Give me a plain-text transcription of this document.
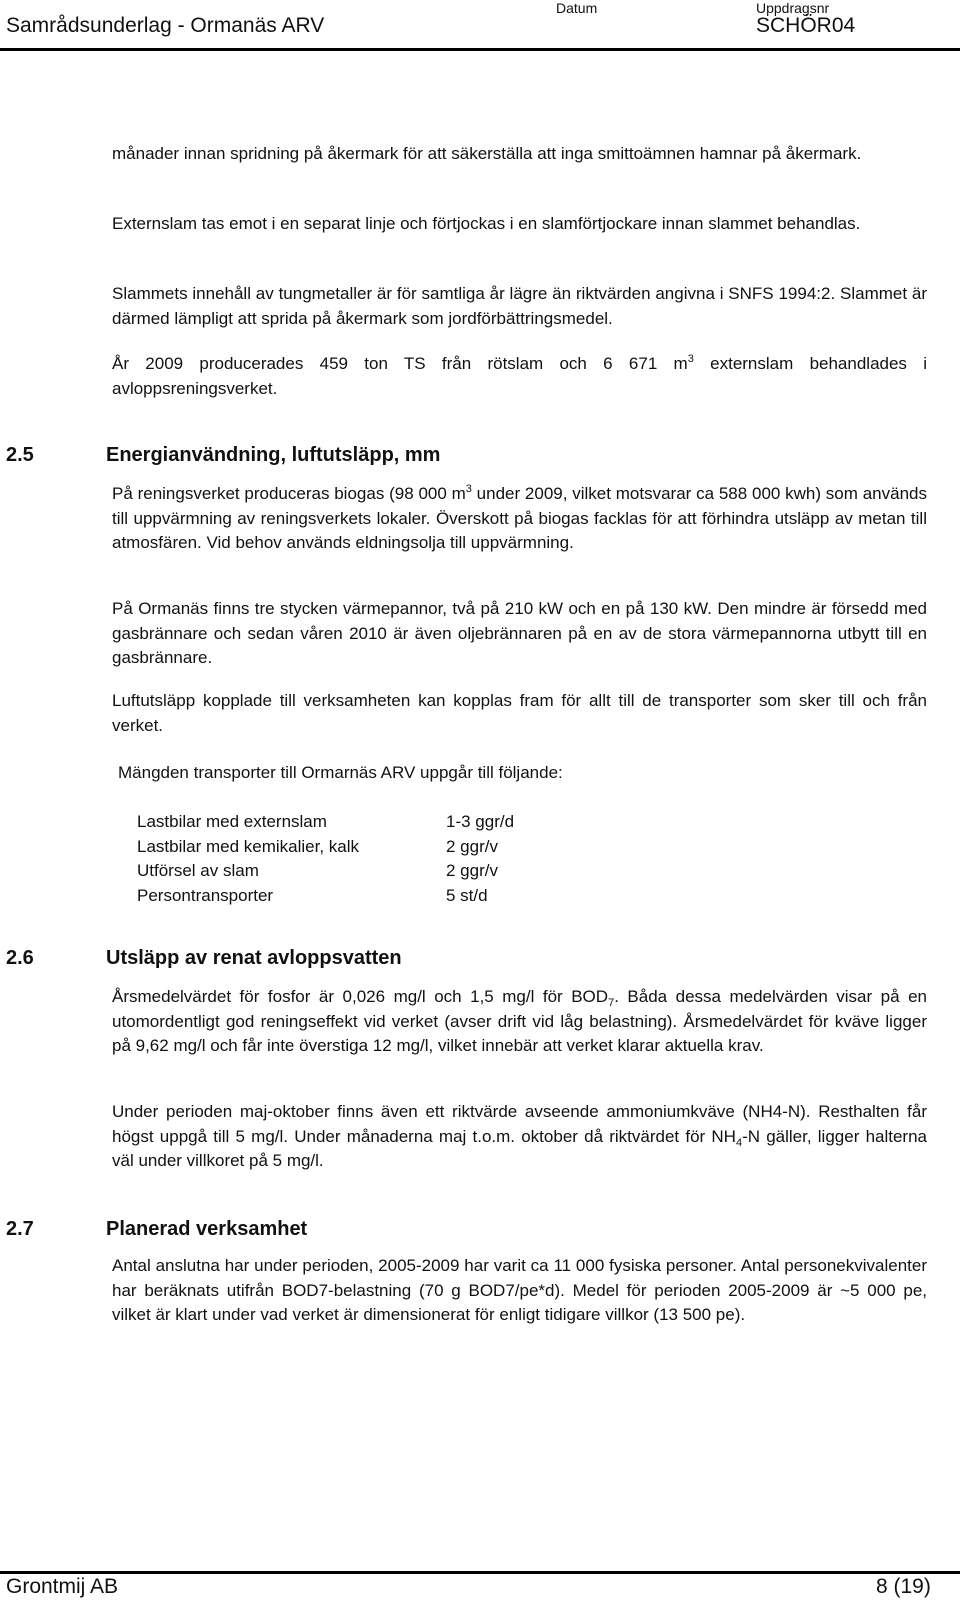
Samrådsunderlag - Ormanäs ARV
Datum	Uppdragsnr
SCHÖR04

månader innan spridning på åkermark för att säkerställa att inga smittoämnen hamnar på åkermark.

Externslam tas emot i en separat linje och förtjockas i en slamförtjockare innan slammet behandlas.

Slammets innehåll av tungmetaller är för samtliga år lägre än riktvärden angivna i SNFS 1994:2. Slammet är därmed lämpligt att sprida på åkermark som jordförbättringsmedel.

År 2009 producerades 459 ton TS från rötslam och 6 671 $m^3$ externslam behandlades i avloppsreningsverket.

2.5	Energianvändning, luftutsläpp, mm

På reningsverket produceras biogas (98 000 $m^3$ under 2009, vilket motsvarar ca 588 000 kwh) som används till uppvärmning av reningsverkets lokaler. Överskott på biogas facklas för att förhindra utsläpp av metan till atmosfären. Vid behov används eldningsolja till uppvärmning.

På Ormanäs finns tre stycken värmepannor, två på 210 kW och en på 130 kW. Den mindre är försedd med gasbrännare och sedan våren 2010 är även oljebrännaren på en av de stora värmepannorna utbytt till en gasbrännare.

Luftutsläpp kopplade till verksamheten kan kopplas fram för allt till de transporter som sker till och från verket.

Mängden transporter till Ormarnäs ARV uppgår till följande:

Lastbilar med externslam	1-3 ggr/d
Lastbilar med kemikalier, kalk	2 ggr/v
Utförsel av slam	2 ggr/v
Persontransporter	5 st/d
2.6	Utsläpp av renat avloppsvatten

Årsmedelvärdet för fosfor är 0,026 mg/l och 1,5 mg/l för $BOD_7$. Båda dessa medelvärden visar på en utomordentligt god reningseffekt vid verket (avser drift vid låg belastning). Årsmedelvärdet för kväve ligger på 9,62 mg/l och får inte överstiga 12 mg/l, vilket innebär att verket klarar aktuella krav.

Under perioden maj-oktober finns även ett riktvärde avseende ammoniumkväve (NH4-N). Resthalten får högst uppgå till 5 mg/l. Under månaderna maj t.o.m. oktober då riktvärdet för $NH_4-N$ gäller, ligger halterna väl under villkoret på 5 mg/l.

2.7	Planerad verksamhet

Antal anslutna har under perioden, 2005-2009 har varit ca 11 000 fysiska personer. Antal personekvivalenter har beräknats utifrån BOD7-belastning (70 g BOD7/pe*d). Medel för perioden 2005-2009 är ~5 000 pe, vilket är klart under vad verket är dimensionerat för enligt tidigare villkor (13 500 pe).

Grontmij AB	8 (19)
